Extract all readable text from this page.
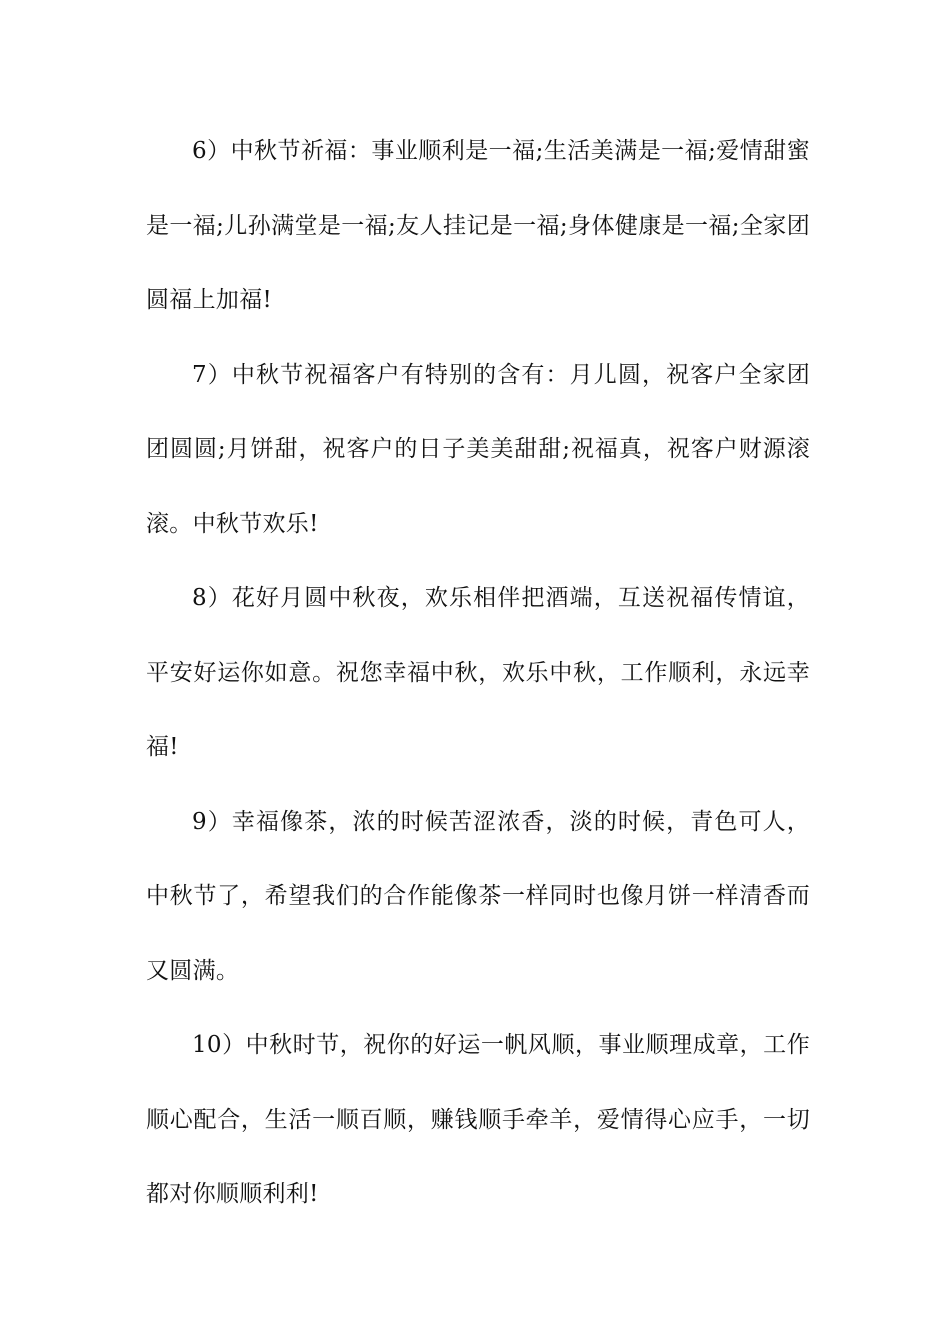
6）中秋节祈福：事业顺利是一福;生活美满是一福;爱情甜蜜是一福;儿孙满堂是一福;友人挂记是一福;身体健康是一福;全家团圆福上加福!

7）中秋节祝福客户有特别的含有：月儿圆，祝客户全家团团圆圆;月饼甜，祝客户的日子美美甜甜;祝福真，祝客户财源滚滚。中秋节欢乐!

8）花好月圆中秋夜，欢乐相伴把酒端，互送祝福传情谊，平安好运你如意。祝您幸福中秋，欢乐中秋，工作顺利，永远幸福!

9）幸福像茶，浓的时候苦涩浓香，淡的时候，青色可人，中秋节了，希望我们的合作能像茶一样同时也像月饼一样清香而又圆满。

10）中秋时节，祝你的好运一帆风顺，事业顺理成章，工作顺心配合，生活一顺百顺，赚钱顺手牵羊，爱情得心应手，一切都对你顺顺利利!
